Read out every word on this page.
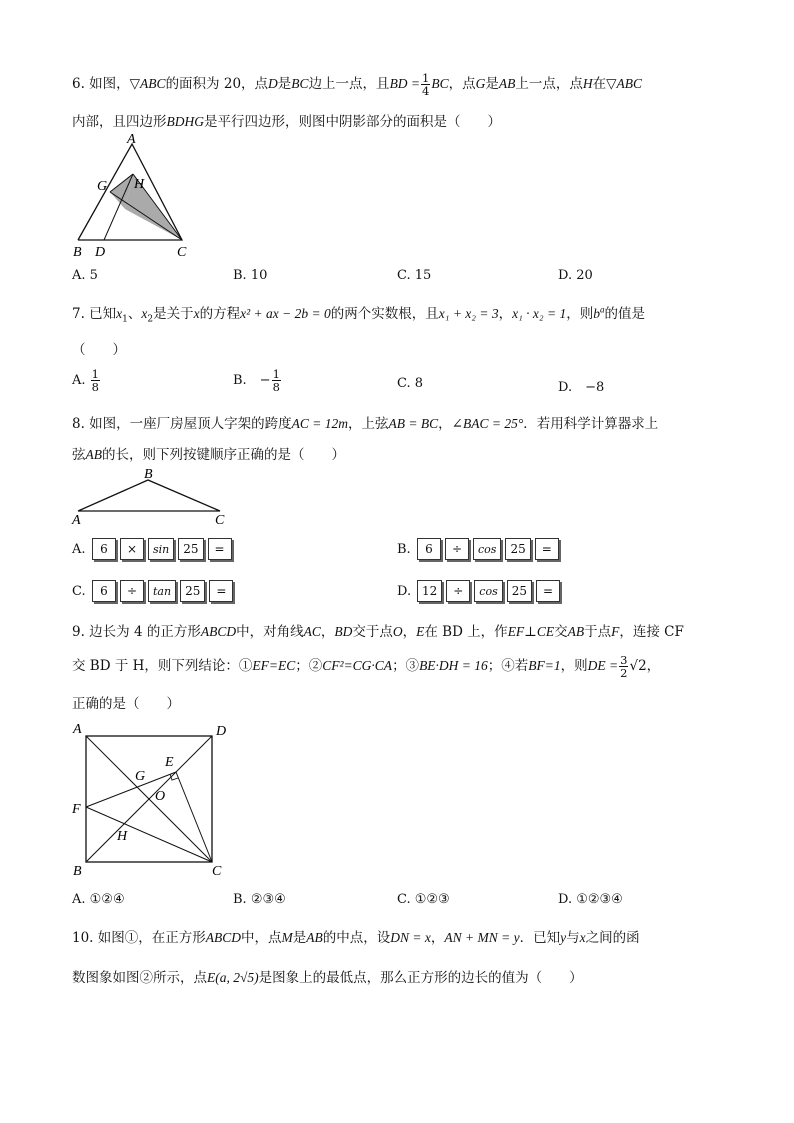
6. 如图，▽ABC的面积为 20，点D是BC边上一点，且BD = $\frac{1}{4}$ BC，点G是AB上一点，点H在▽ABC
内部，且四边形BDHG是平行四边形，则图中阴影部分的面积是（　　）
A
G H
B D	C
A. 5	B. 10	C. 15	D. 20
7. 已知$x_1$、$x_2$是关于x的方程x² + ax − 2b = 0的两个实数根，且x₁ + x₂ = 3，x₁ · x₂ = 1，则$b^a$的值是
（　　）
A. $\frac{1}{8}$	B.　− $\frac{1}{8}$	C. 8	D.　−8
8. 如图，一座厂房屋顶人字架的跨度AC = 12m，上弦AB = BC，∠BAC = 25°．若用科学计算器求上
弦AB的长，则下列按键顺序正确的是（　　）
B
A	C
A.	6	×	sin	25	=	B.	6	÷	cos	25	=
C.	6	÷	tan	25	=	D. 12	÷	cos	25	=
9. 边长为 4 的正方形ABCD中，对角线AC，BD交于点O，E在 BD 上，作EF⊥CE交AB于点F，连接 CF
交 BD 于 H，则下列结论：①EF=EC；②CF²=CG·CA；③BE·DH = 16；④若BF=1，则DE = $\frac{3}{2} √2$，
正确的是（　　）
A	D
E
G
O
F
H
B	C
A. ①②④	B. ②③④	C. ①②③	D. ①②③④
10. 如图①，在正方形ABCD中，点M是AB的中点，设DN = x，AN + MN = y．已知y与x之间的函
数图象如图②所示，点E(a, 2√5)是图象上的最低点，那么正方形的边长的值为（　　）
